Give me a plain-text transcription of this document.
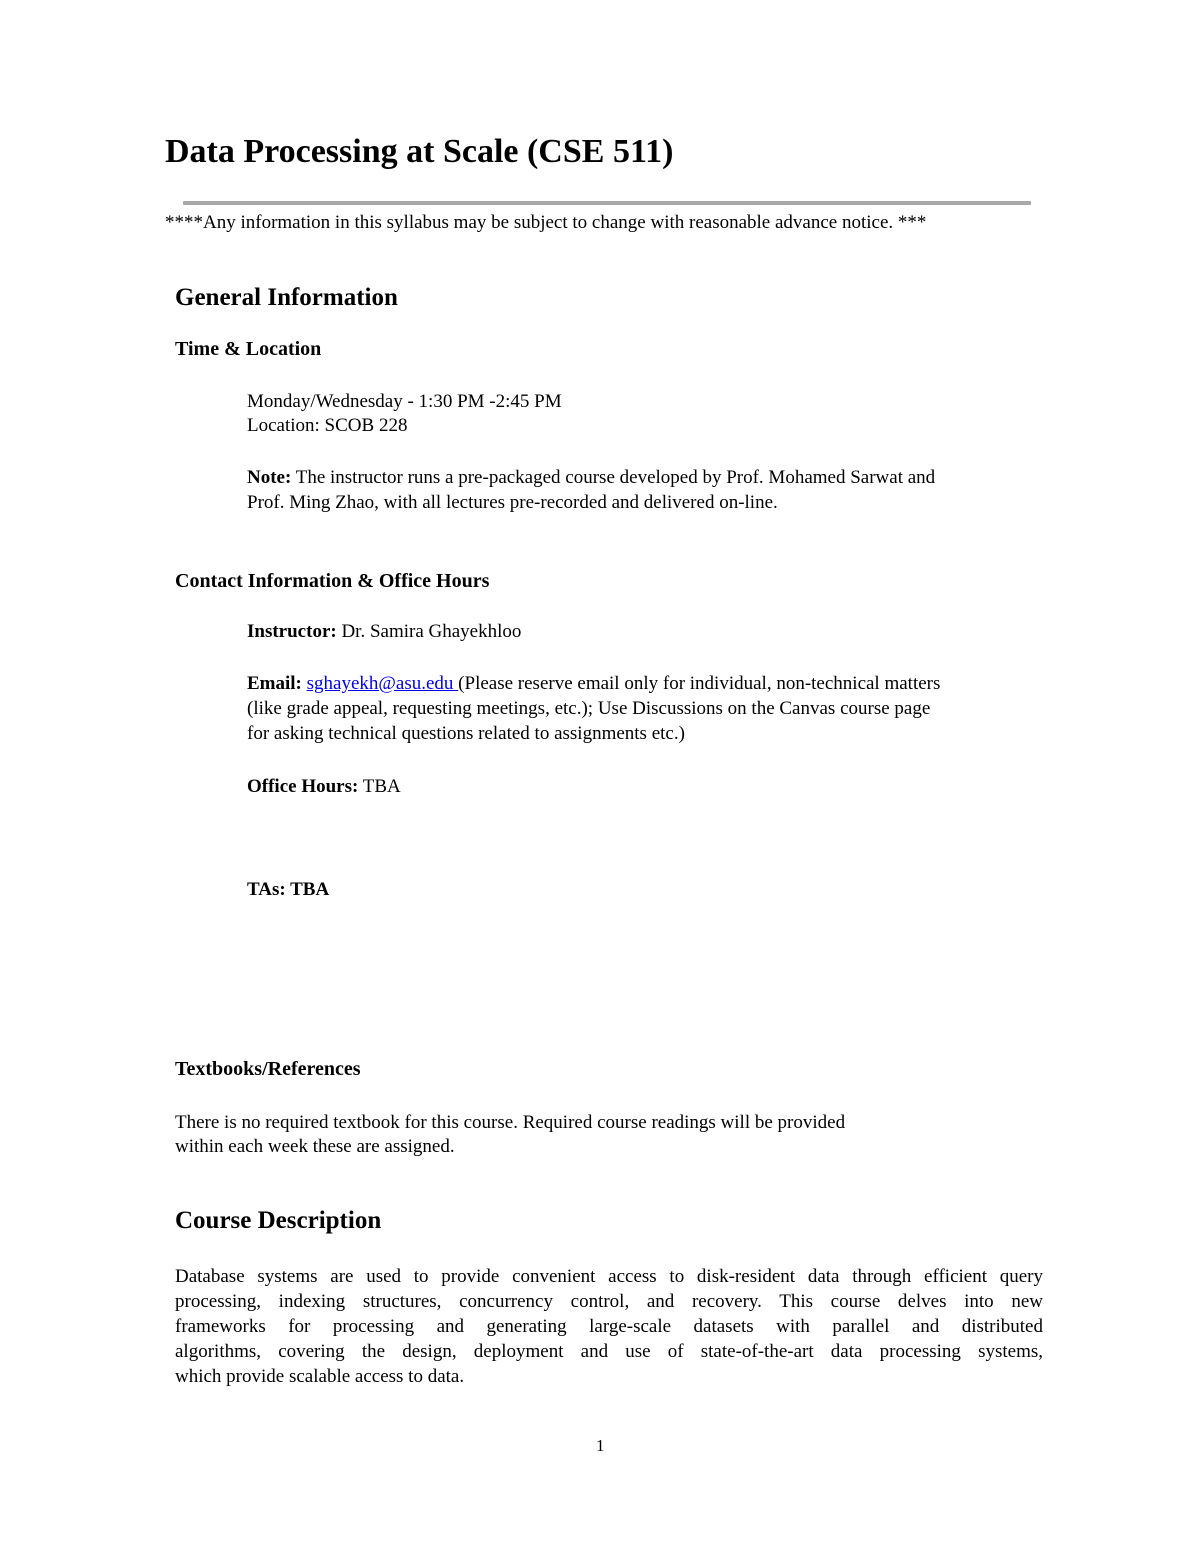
Data Processing at Scale (CSE 511)
****Any information in this syllabus may be subject to change with reasonable advance notice. ***
General Information
Time & Location
Monday/Wednesday - 1:30 PM -2:45 PM
Location: SCOB 228
Note: The instructor runs a pre-packaged course developed by Prof. Mohamed Sarwat and
Prof. Ming Zhao, with all lectures pre-recorded and delivered on-line.
Contact Information & Office Hours
Instructor: Dr. Samira Ghayekhloo
Email: sghayekh@asu.edu (Please reserve email only for individual, non-technical matters
(like grade appeal, requesting meetings, etc.); Use Discussions on the Canvas course page
for asking technical questions related to assignments etc.)
Office Hours: TBA
TAs: TBA
Textbooks/References
There is no required textbook for this course. Required course readings will be provided
within each week these are assigned.
Course Description
Database systems are used to provide convenient access to disk-resident data through efficient query
processing, indexing structures, concurrency control, and recovery. This course delves into new
frameworks for processing and generating large-scale datasets with parallel and distributed
algorithms, covering the design, deployment and use of state-of-the-art data processing systems,
which provide scalable access to data.
1
